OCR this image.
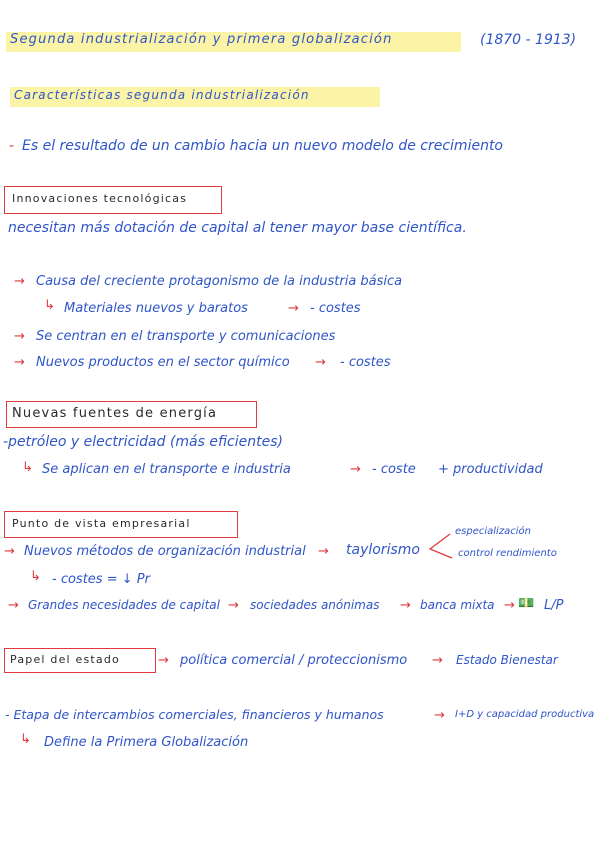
Segunda industrialización y primera globalización	(1870 - 1913)
Características segunda industrialización
- Es el resultado de un cambio hacia un nuevo modelo de crecimiento
Innovaciones tecnológicas
necesitan más dotación de capital al tener mayor base científica.
→ Causa del creciente protagonismo de la industria básica
↳ Materiales nuevos y baratos	→ - costes
→ Se centran en el transporte y comunicaciones
→ Nuevos productos en el sector químico → - costes
Nuevas fuentes de energía
-petróleo y electricidad (más eficientes)
↳ Se aplican en el transporte e industria	→ - coste + productividad
Punto de vista empresarial
→ Nuevos métodos de organización industrial → taylorismo
especialización
control rendimiento
↳ - costes = ↓ Pr
→ Grandes necesidades de capital → sociedades anónimas → banca mixta → 💵 L/P
Papel del estado	→ política comercial / proteccionismo → Estado Bienestar
- Etapa de intercambios comerciales, financieros y humanos	→ I+D y capacidad productiva
↳ Define la Primera Globalización
